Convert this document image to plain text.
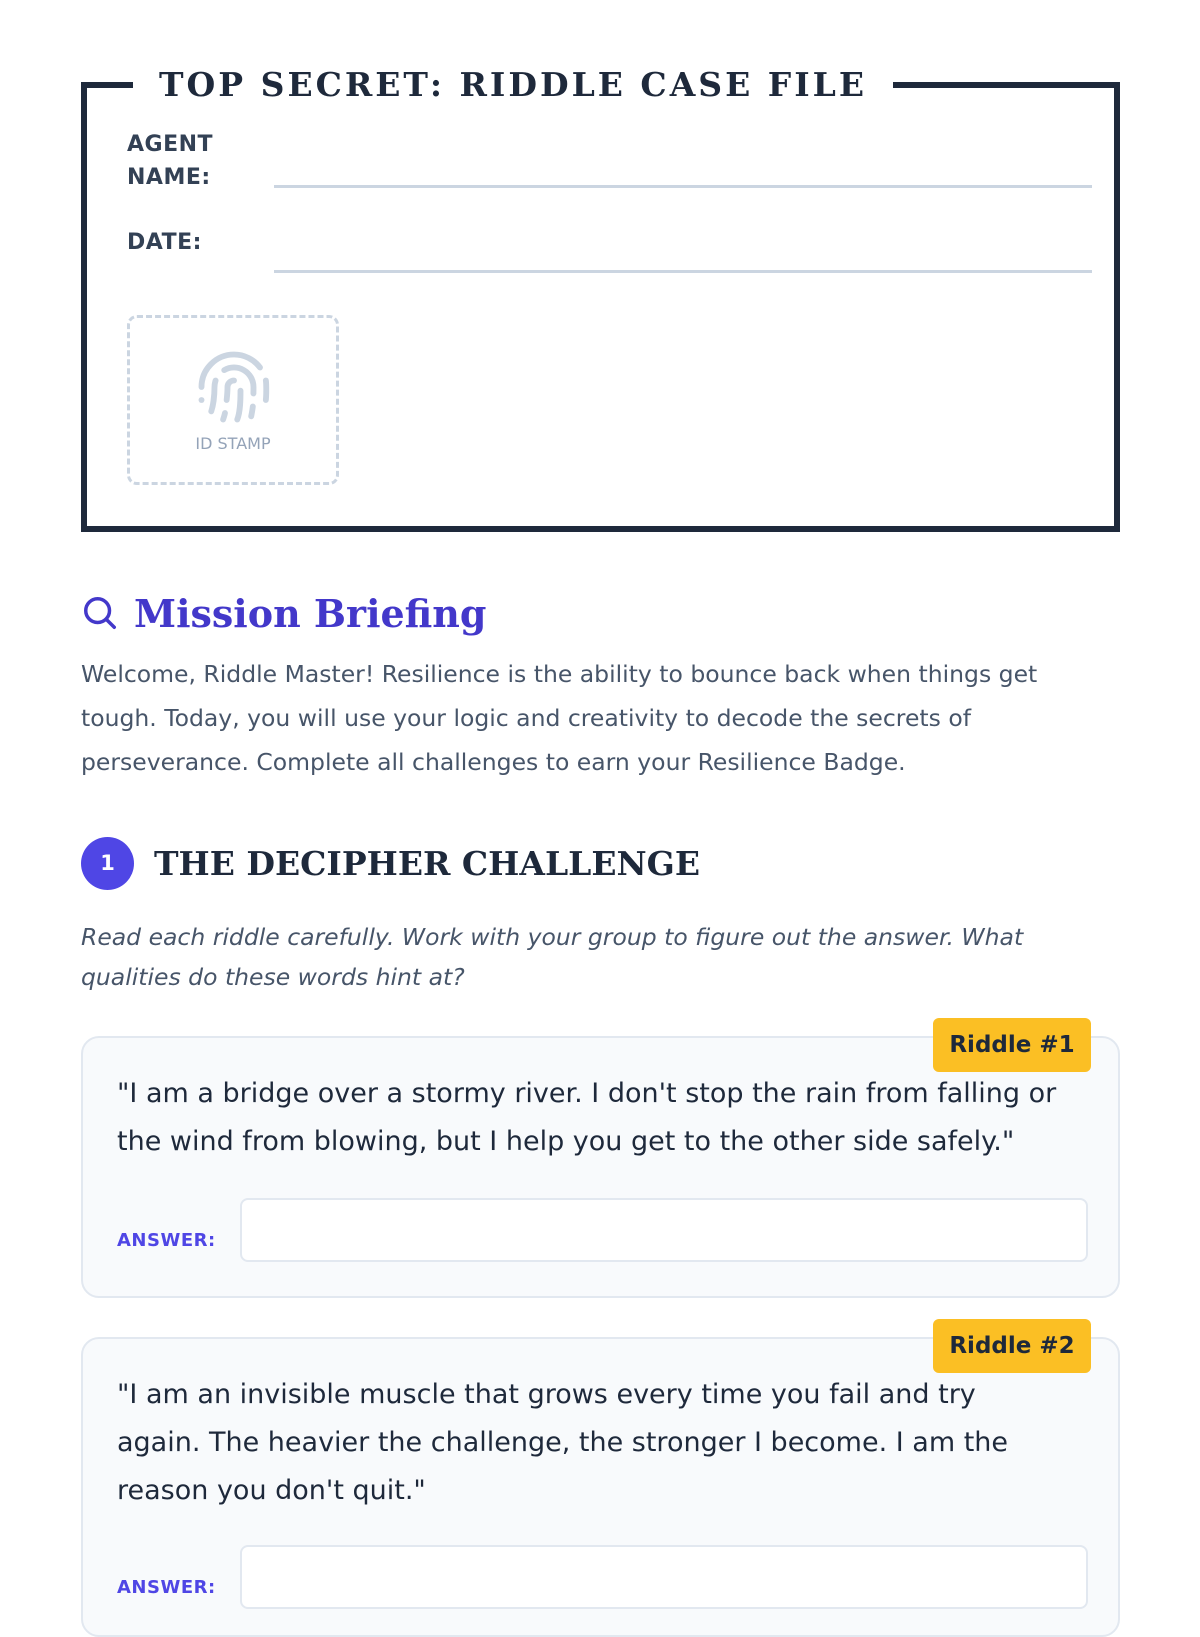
TOP SECRET: RIDDLE CASE FILE
AGENT NAME:
DATE:
ID STAMP
Mission Briefing
Welcome, Riddle Master! Resilience is the ability to bounce back when things get tough. Today, you will use your logic and creativity to decode the secrets of perseverance. Complete all challenges to earn your Resilience Badge.
1	THE DECIPHER CHALLENGE
Read each riddle carefully. Work with your group to figure out the answer. What qualities do these words hint at?
Riddle #1
"I am a bridge over a stormy river. I don't stop the rain from falling or the wind from blowing, but I help you get to the other side safely."
ANSWER:
Riddle #2
"I am an invisible muscle that grows every time you fail and try again. The heavier the challenge, the stronger I become. I am the reason you don't quit."
ANSWER:
